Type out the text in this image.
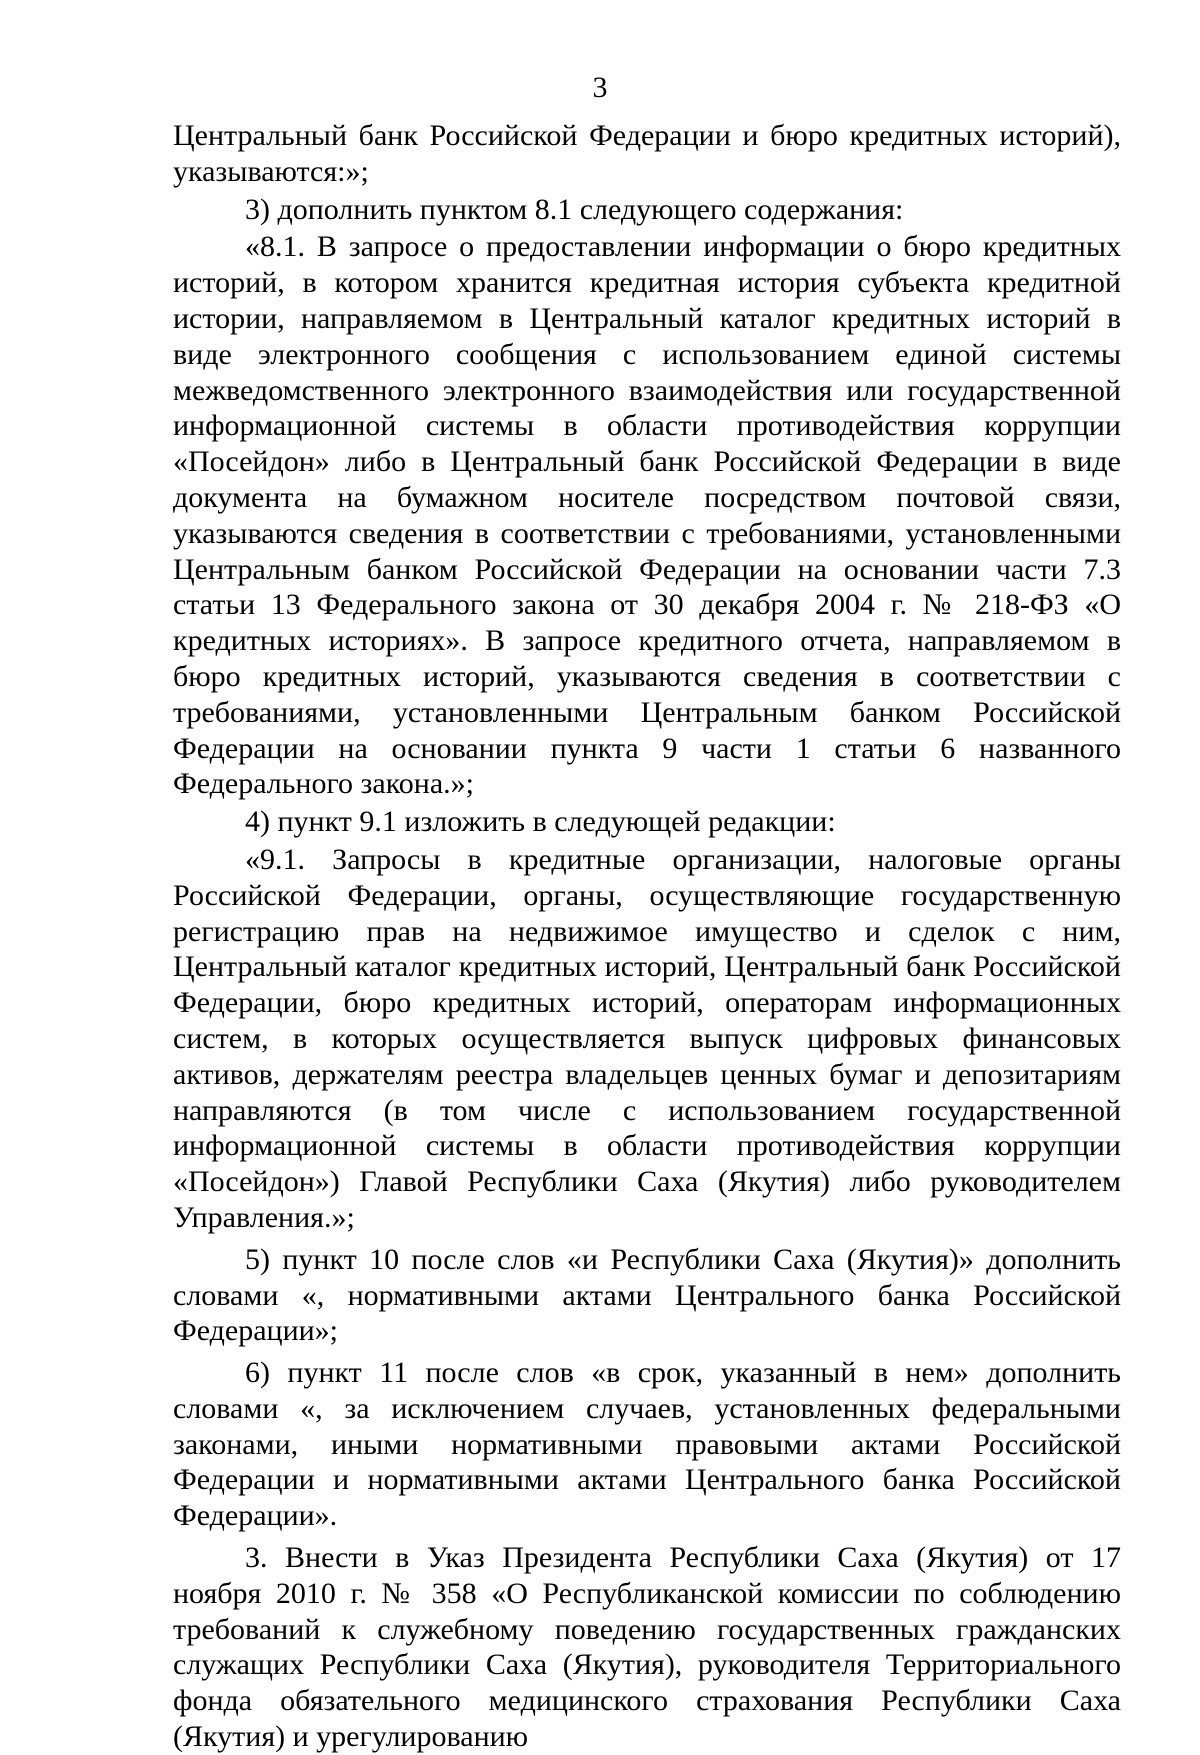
3

Центральный банк Российской Федерации и бюро кредитных историй), указываются:»;

3) дополнить пунктом 8.1 следующего содержания:

«8.1. В запросе о предоставлении информации о бюро кредитных историй, в котором хранится кредитная история субъекта кредитной истории, направляемом в Центральный каталог кредитных историй в виде электронного сообщения с использованием единой системы межведомственного электронного взаимодействия или государственной информационной системы в области противодействия коррупции «Посейдон» либо в Центральный банк Российской Федерации в виде документа на бумажном носителе посредством почтовой связи, указываются сведения в соответствии с требованиями, установленными Центральным банком Российской Федерации на основании части 7.3 статьи 13 Федерального закона от 30 декабря 2004 г. № 218-ФЗ «О кредитных историях». В запросе кредитного отчета, направляемом в бюро кредитных историй, указываются сведения в соответствии с требованиями, установленными Центральным банком Российской Федерации на основании пункта 9 части 1 статьи 6 названного Федерального закона.»;

4) пункт 9.1 изложить в следующей редакции:

«9.1. Запросы в кредитные организации, налоговые органы Российской Федерации, органы, осуществляющие государственную регистрацию прав на недвижимое имущество и сделок с ним, Центральный каталог кредитных историй, Центральный банк Российской Федерации, бюро кредитных историй, операторам информационных систем, в которых осуществляется выпуск цифровых финансовых активов, держателям реестра владельцев ценных бумаг и депозитариям направляются (в том числе с использованием государственной информационной системы в области противодействия коррупции «Посейдон») Главой Республики Саха (Якутия) либо руководителем Управления.»;

5) пункт 10 после слов «и Республики Саха (Якутия)» дополнить словами «, нормативными актами Центрального банка Российской Федерации»;

6) пункт 11 после слов «в срок, указанный в нем» дополнить словами «, за исключением случаев, установленных федеральными законами, иными нормативными правовыми актами Российской Федерации и нормативными актами Центрального банка Российской Федерации».

3. Внести в Указ Президента Республики Саха (Якутия) от 17 ноября 2010 г. № 358 «О Республиканской комиссии по соблюдению требований к служебному поведению государственных гражданских служащих Республики Саха (Якутия), руководителя Территориального фонда обязательного медицинского страхования Республики Саха (Якутия) и урегулированию
